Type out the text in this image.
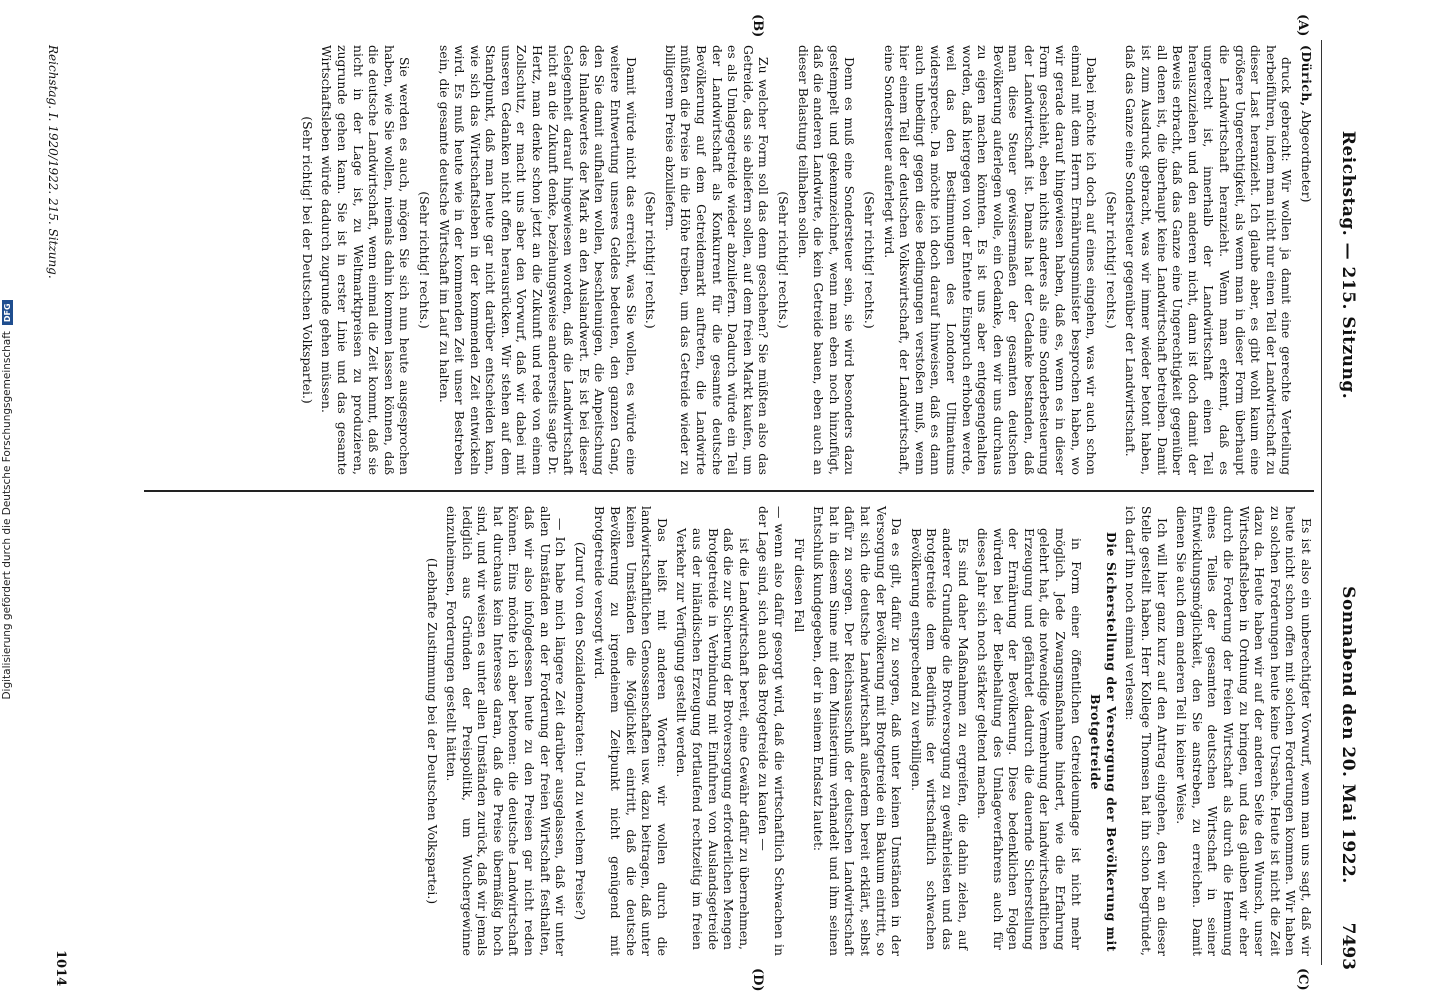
Reichstag. — 215. Sitzung.
Sonnabend den 20. Mai 1922.
7493
(A)
(B)
(C)
(D)

(Dürich, Abgeordneter)

druck gebracht: Wir wollen ja damit eine gerechte Verteilung herbeiführen, indem man nicht nur einen Teil der Landwirtschaft zu dieser Last heranzieht. Ich glaube aber, es gibt wohl kaum eine größere Ungerechtigkeit, als wenn man in dieser Form überhaupt die Landwirtschaft heranzieht. Wenn man erkennt, daß es ungerecht ist, innerhalb der Landwirtschaft einen Teil herauszuziehen und den anderen nicht, dann ist doch damit der Beweis erbracht, daß das Ganze eine Ungerechtigkeit gegenüber all denen ist, die überhaupt keine Landwirtschaft betreiben. Damit ist zum Ausdruck gebracht, was wir immer wieder betont haben, daß das Ganze eine Sondersteuer gegenüber der Landwirtschaft.

(Sehr richtig! rechts.)

Dabei möchte ich doch auf eines eingehen, was wir auch schon einmal mit dem Herrn Ernährungsminister besprochen haben, wo wir gerade darauf hingewiesen haben, daß es, wenn es in dieser Form geschieht, eben nichts anderes als eine Sonderbesteuerung der Landwirtschaft ist. Damals hat der Gedanke bestanden, daß man diese Steuer gewissermaßen der gesamten deutschen Bevölkerung auferlegen wolle, ein Gedanke, den wir uns durchaus zu eigen machen könnten. Es ist uns aber entgegengehalten worden, daß hiergegen von der Entente Einspruch erhoben werde, weil das den Bestimmungen des Londoner Ultimatums widerspreche. Da möchte ich doch darauf hinweisen, daß es dann auch unbedingt gegen diese Bedingungen verstoßen muß, wenn hier einem Teil der deutschen Volkswirtschaft, der Landwirtschaft, eine Sondersteuer auferlegt wird.

(Sehr richtig! rechts.)

Denn es muß eine Sondersteuer sein, sie wird besonders dazu gestempelt und gekennzeichnet, wenn man eben noch hinzufügt, daß die anderen Landwirte, die kein Getreide bauen, eben auch an dieser Belastung teilhaben sollen.

(Sehr richtig! rechts.)

Zu welcher Form soll das denn geschehen? Sie müßten also das Getreide, das sie abliefern sollen, auf dem freien Markt kaufen, um es als Umlagegetreide wieder abzuliefern. Dadurch würde ein Teil der Landwirtschaft als Konkurrent für die gesamte deutsche Bevölkerung auf dem Getreidemarkt auftreten, die Landwirte müßten die Preise in die Höhe treiben, um das Getreide wieder zu billigerem Preise abzuliefern.

(Sehr richtig! rechts.)

Damit würde nicht das erreicht, was Sie wollen, es würde eine weitere Entwertung unseres Geldes bedeuten, den ganzen Gang, den Sie damit aufhalten wollen, beschleunigen, die Anpeitschung des Inlandwertes der Mark an den Auslandwert. Es ist bei dieser Gelegenheit darauf hingewiesen worden, daß die Landwirtschaft nicht an die Zukunft denke, beziehungsweise andererseits sagte Dr. Hertz, man denke schon jetzt an die Zukunft und rede von einem Zollschutz, er macht uns aber den Vorwurf, daß wir dabei mit unseren Gedanken nicht offen herausrücken. Wir stehen auf dem Standpunkt, daß man heute gar nicht darüber entscheiden kann, wie sich das Wirtschaftsleben in der kommenden Zeit entwickeln wird. Es muß heute wie in der kommenden Zeit unser Bestreben sein, die gesamte deutsche Wirtschaft im Lauf zu halten.

(Sehr richtig! rechts.)

Sie werden es auch, mögen Sie sich nun heute ausgesprochen haben, wie Sie wollen, niemals dahin kommen lassen können, daß die deutsche Landwirtschaft, wenn einmal die Zeit kommt, daß sie nicht in der Lage ist, zu Weltmarktpreisen zu produzieren, zugrunde gehen kann. Sie ist in erster Linie und das gesamte Wirtschaftsleben würde dadurch zugrunde gehen müssen.

(Sehr richtig! bei der Deutschen Volkspartei.)

Es ist also ein unberechtigter Vorwurf, wenn man uns sagt, daß wir heute nicht schon offen mit solchen Forderungen kommen. Wir haben zu solchen Forderungen heute keine Ursache. Heute ist nicht die Zeit dazu da. Heute haben wir auf der anderen Seite den Wunsch, unser Wirtschaftsleben in Ordnung zu bringen, und das glauben wir eher durch die Forderung der freien Wirtschaft als durch die Hemmung eines Teiles der gesamten deutschen Wirtschaft in seiner Entwicklungsmöglichkeit, den Sie anstreben, zu erreichen. Damit dienen Sie auch dem anderen Teil in keiner Weise.

Ich will hier ganz kurz auf den Antrag eingehen, den wir an dieser Stelle gestellt haben. Herr Kollege Thomsen hat ihn schon begründet, ich darf ihn noch einmal verlesen:

Die Sicherstellung der Versorgung der Bevölkerung mit Brotgetreide

in Form einer öffentlichen Getreideumlage ist nicht mehr möglich. Jede Zwangsmaßnahme hindert, wie die Erfahrung gelehrt hat, die notwendige Vermehrung der landwirtschaftlichen Erzeugung und gefährdet dadurch die dauernde Sicherstellung der Ernährung der Bevölkerung. Diese bedenklichen Folgen würden bei der Beibehaltung des Umlageverfahrens auch für dieses Jahr sich noch stärker geltend machen.

Es sind daher Maßnahmen zu ergreifen, die dahin zielen, auf anderer Grundlage die Brotversorgung zu gewährleisten und das Brotgetreide dem Bedürfnis der wirtschaftlich schwachen Bevölkerung entsprechend zu verbilligen.

Da es gilt, dafür zu sorgen, daß unter keinen Umständen in der Versorgung der Bevölkerung mit Brotgetreide ein Bakuum eintritt, so hat sich die deutsche Landwirtschaft außerdem bereit erklärt, selbst dafür zu sorgen. Der Reichsausschuß der deutschen Landwirtschaft hat in diesem Sinne mit dem Ministerium verhandelt und ihm seinen Entschluß kundgegeben, der in seinem Endsatz lautet:

Für diesen Fall

— wenn also dafür gesorgt wird, daß die wirtschaftlich Schwachen in der Lage sind, sich auch das Brotgetreide zu kaufen —

ist die Landwirtschaft bereit, eine Gewähr dafür zu übernehmen, daß die zur Sicherung der Brotversorgung erforderlichen Mengen Brotgetreide in Verbindung mit Einfuhren von Auslandsgetreide aus der inländischen Erzeugung fortlaufend rechtzeitig im freien Verkehr zur Verfügung gestellt werden.

Das heißt mit anderen Worten: wir wollen durch die landwirtschaftlichen Genossenschaften usw. dazu beitragen, daß unter keinen Umständen die Möglichkeit eintritt, daß die deutsche Bevölkerung zu irgendeinem Zeitpunkt nicht genügend mit Brotgetreide versorgt wird.

(Zuruf von den Sozialdemokraten: Und zu welchem Preise?)

— Ich habe mich längere Zeit darüber ausgelassen, daß wir unter allen Umständen an der Forderung der freien Wirtschaft festhalten, daß wir also infolgedessen heute zu den Preisen gar nicht reden können. Eins möchte ich aber betonen: die deutsche Landwirtschaft hat durchaus kein Interesse daran, daß die Preise übermäßig hoch sind, und wir weisen es unter allen Umständen zurück, daß wir jemals lediglich aus Gründen der Preispolitik, um Wuchergewinne einzuheimsen, Forderungen gestellt hätten.

(Lebhafte Zustimmung bei der Deutschen Volkspartei.)

Reichstag. I. 1920/1922. 215. Sitzung.
1014
Digitalisierung gefördert durch die Deutsche Forschungsgemeinschaft
DFG
